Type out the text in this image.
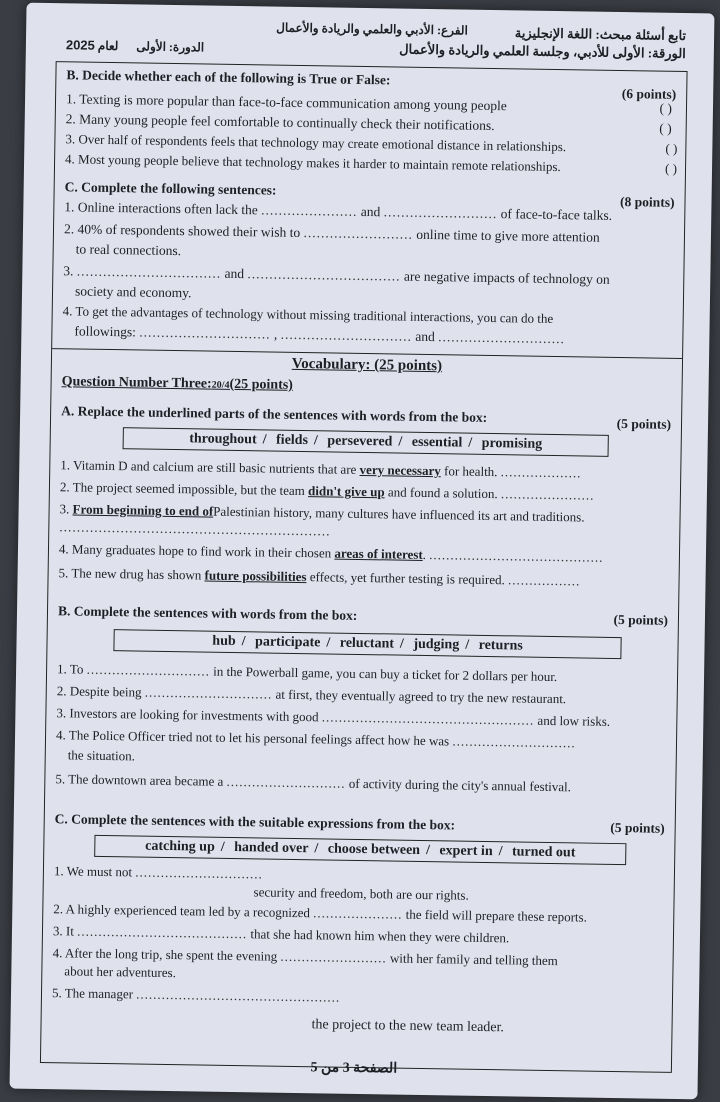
تابع أسئلة مبحث: اللغة الإنجليزية
الورقة: الأولى للأدبي، وجلسة العلمي والريادة والأعمال
الفرع: الأدبي والعلمي والريادة والأعمال
الدورة: الأولى      لعام 2025
B. Decide whether each of the following is True or False:
(6 points)
1. Texting is more popular than face-to-face communication among young people	( )
2. Many young people feel comfortable to continually check their notifications.	( )
3. Over half of respondents feels that technology may create emotional distance in relationships.	( )
4. Most young people believe that technology makes it harder to maintain remote relationships.	( )
C. Complete the following sentences:
(8 points)
1. Online interactions often lack the ...................... and .......................... of face-to-face talks.
2. 40% of respondents showed their wish to ......................... online time to give more attention
to real connections.
3. ................................. and ................................... are negative impacts of technology on
society and economy.
4. To get the advantages of technology without missing traditional interactions, you can do the
followings: .............................. , .............................. and .............................
Vocabulary: (25 points)
Question Number Three:20/4(25 points)
A. Replace the underlined parts of the sentences with words from the box:	(5 points)
throughout / fields / persevered / essential / promising
1. Vitamin D and calcium are still basic nutrients that are very necessary for health. ...................
2. The project seemed impossible, but the team didn't give up and found a solution. ......................
3. From beginning to end ofPalestinian history, many cultures have influenced its art and traditions.
..............................................................
4. Many graduates hope to find work in their chosen areas of interest. .........................................
5. The new drug has shown future possibilities effects, yet further testing is required. .................
B. Complete the sentences with words from the box:	(5 points)
hub / participate / reluctant / judging / returns
1. To ............................. in the Powerball game, you can buy a ticket for 2 dollars per hour.
2. Despite being .............................. at first, they eventually agreed to try the new restaurant.
3. Investors are looking for investments with good .................................................. and low risks.
4. The Police Officer tried not to let his personal feelings affect how he was .............................
the situation.
5. The downtown area became a ............................ of activity during the city's annual festival.
C. Complete the sentences with the suitable expressions from the box:	(5 points)
catching up / handed over / choose between / expert in / turned out
1. We must not ..............................
security and freedom, both are our rights.
2. A highly experienced team led by a recognized ..................... the field will prepare these reports.
3. It ........................................ that she had known him when they were children.
4. After the long trip, she spent the evening ......................... with her family and telling them
about her adventures.
5. The manager ................................................
the project to the new team leader.
الصفحة 3 من 5
